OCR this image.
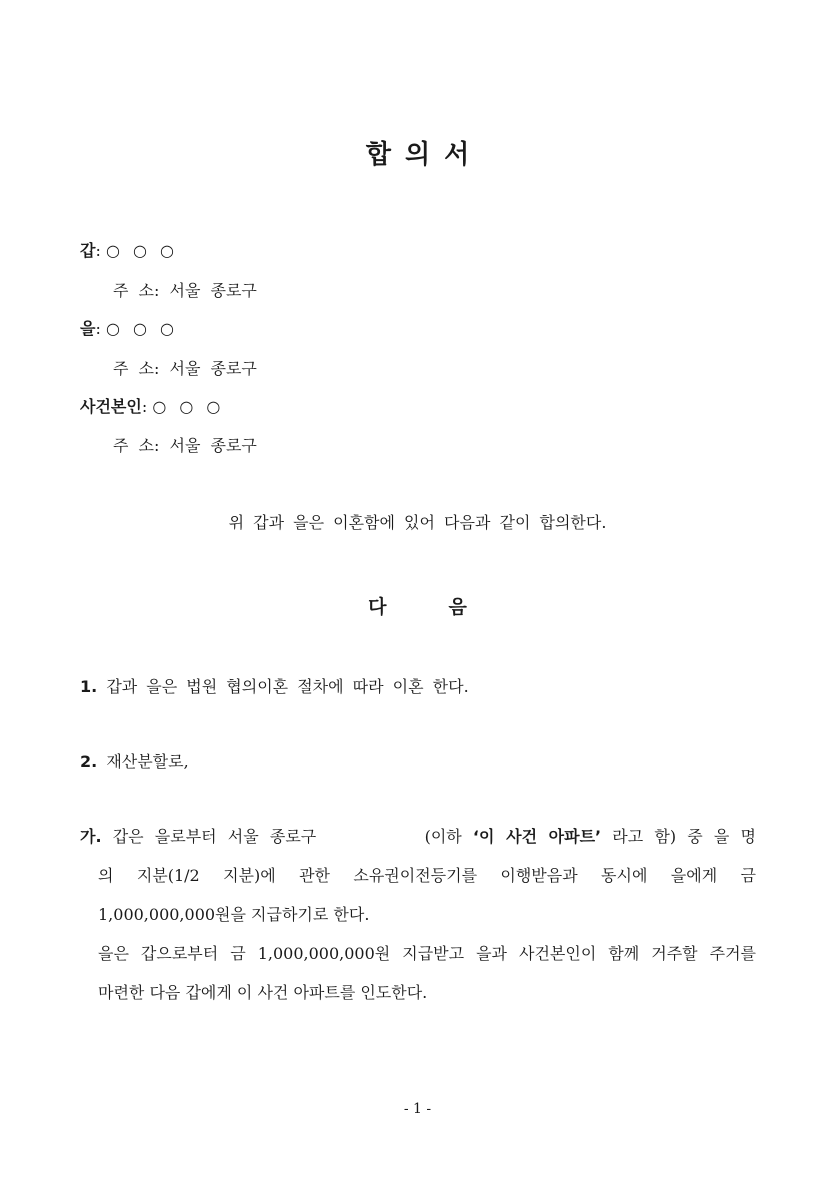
합 의 서
갑: ○ ○ ○
주 소: 서울 종로구
을: ○ ○ ○
주 소: 서울 종로구
사건본인: ○ ○ ○
주 소: 서울 종로구
위 갑과 을은 이혼함에 있어 다음과 같이 합의한다.
다	음
1. 갑과 을은 법원 협의이혼 절차에 따라 이혼 한다.
2. 재산분할로,
가. 갑은 을로부터 서울 종로구	(이하 ‘이 사건 아파트’ 라고 함) 중 을 명
의 지분(1/2 지분)에 관한 소유권이전등기를 이행받음과 동시에 을에게 금
1,000,000,000원을 지급하기로 한다.
을은 갑으로부터 금 1,000,000,000원 지급받고 을과 사건본인이 함께 거주할 주거를
마련한 다음 갑에게 이 사건 아파트를 인도한다.
- 1 -
